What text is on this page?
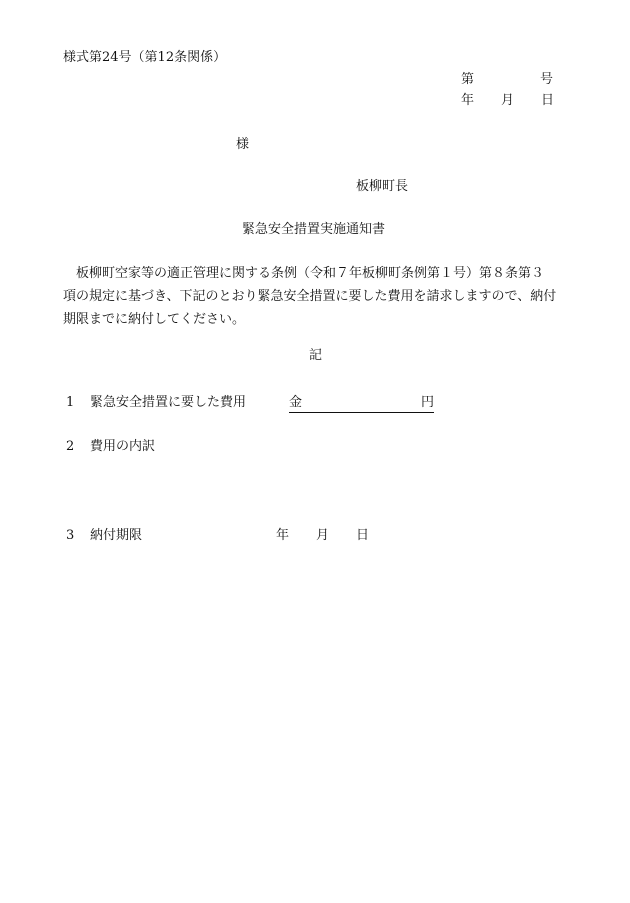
様式第24号（第12条関係）
第	号
年 月 日
様
板柳町長
緊急安全措置実施通知書
　板柳町空家等の適正管理に関する条例（令和７年板柳町条例第１号）第８条第３
項の規定に基づき、下記のとおり緊急安全措置に要した費用を請求しますので、納付
期限までに納付してください。
記
1 緊急安全措置に要した費用	金	円
2 費用の内訳
3 納付期限	年 月 日
